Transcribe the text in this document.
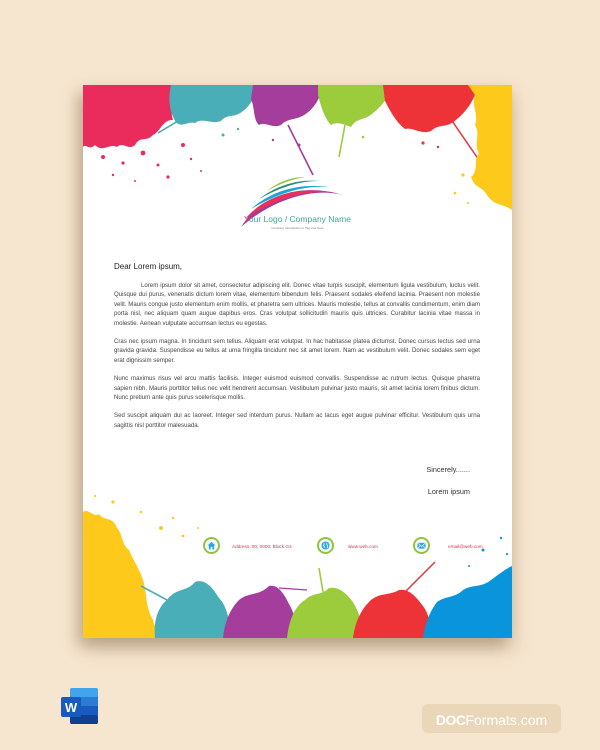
Your Logo / Company Name
Company Introduction or Tag Line Here

Dear Lorem ipsum,

Lorem ipsum dolor sit amet, consectetur adipiscing elit. Donec vitae turpis suscipit, elementum ligula vestibulum, luctus velit. Quisque dui purus, venenatis dictum lorem vitae, elementum bibendum felis. Praesent sodales eleifend lacinia. Praesent non molestie velit. Mauris congue justo elementum enim mollis, et pharetra sem ultrices. Mauris molestie, tellus at convallis condimentum, enim diam porta nisl, nec aliquam quam augue dapibus eros. Cras volutpat sollicitudin mauris quis ultricies. Curabitur lacinia vitae massa in molestie. Aenean vulputate accumsan lectus eu egestas.

Cras nec ipsum magna. In tincidunt sem tellus. Aliquam erat volutpat. In hac habitasse platea dictumst. Donec cursus lectus sed urna gravida gravida. Suspendisse eu tellus at urna fringilla tincidunt nec sit amet lorem. Nam ac vestibulum velit. Donec sodales sem eget erat dignissim semper.

Nunc maximus risus vel arcu mattis facilisis. Integer euismod euismod convallis. Suspendisse ac rutrum lectus. Quisque pharetra sapien nibh. Mauris porttitor tellus nec velit hendrerit accumsan. Vestibulum pulvinar justo mauris, sit amet lacinia lorem finibus dictum. Nunc pretium ante quis purus scelerisque mollis.

Sed suscipit aliquam dui ac laoreet. Integer sed interdum purus. Nullam ac lacus eget augue pulvinar efficitur. Vestibulum quis urna sagittis nisl porttitor malesuada.

Sincerely.......
Lorem ipsum
Address, 00, 0000, Block G4	www.web.com	email@web.com
W
DOCFormats.com
